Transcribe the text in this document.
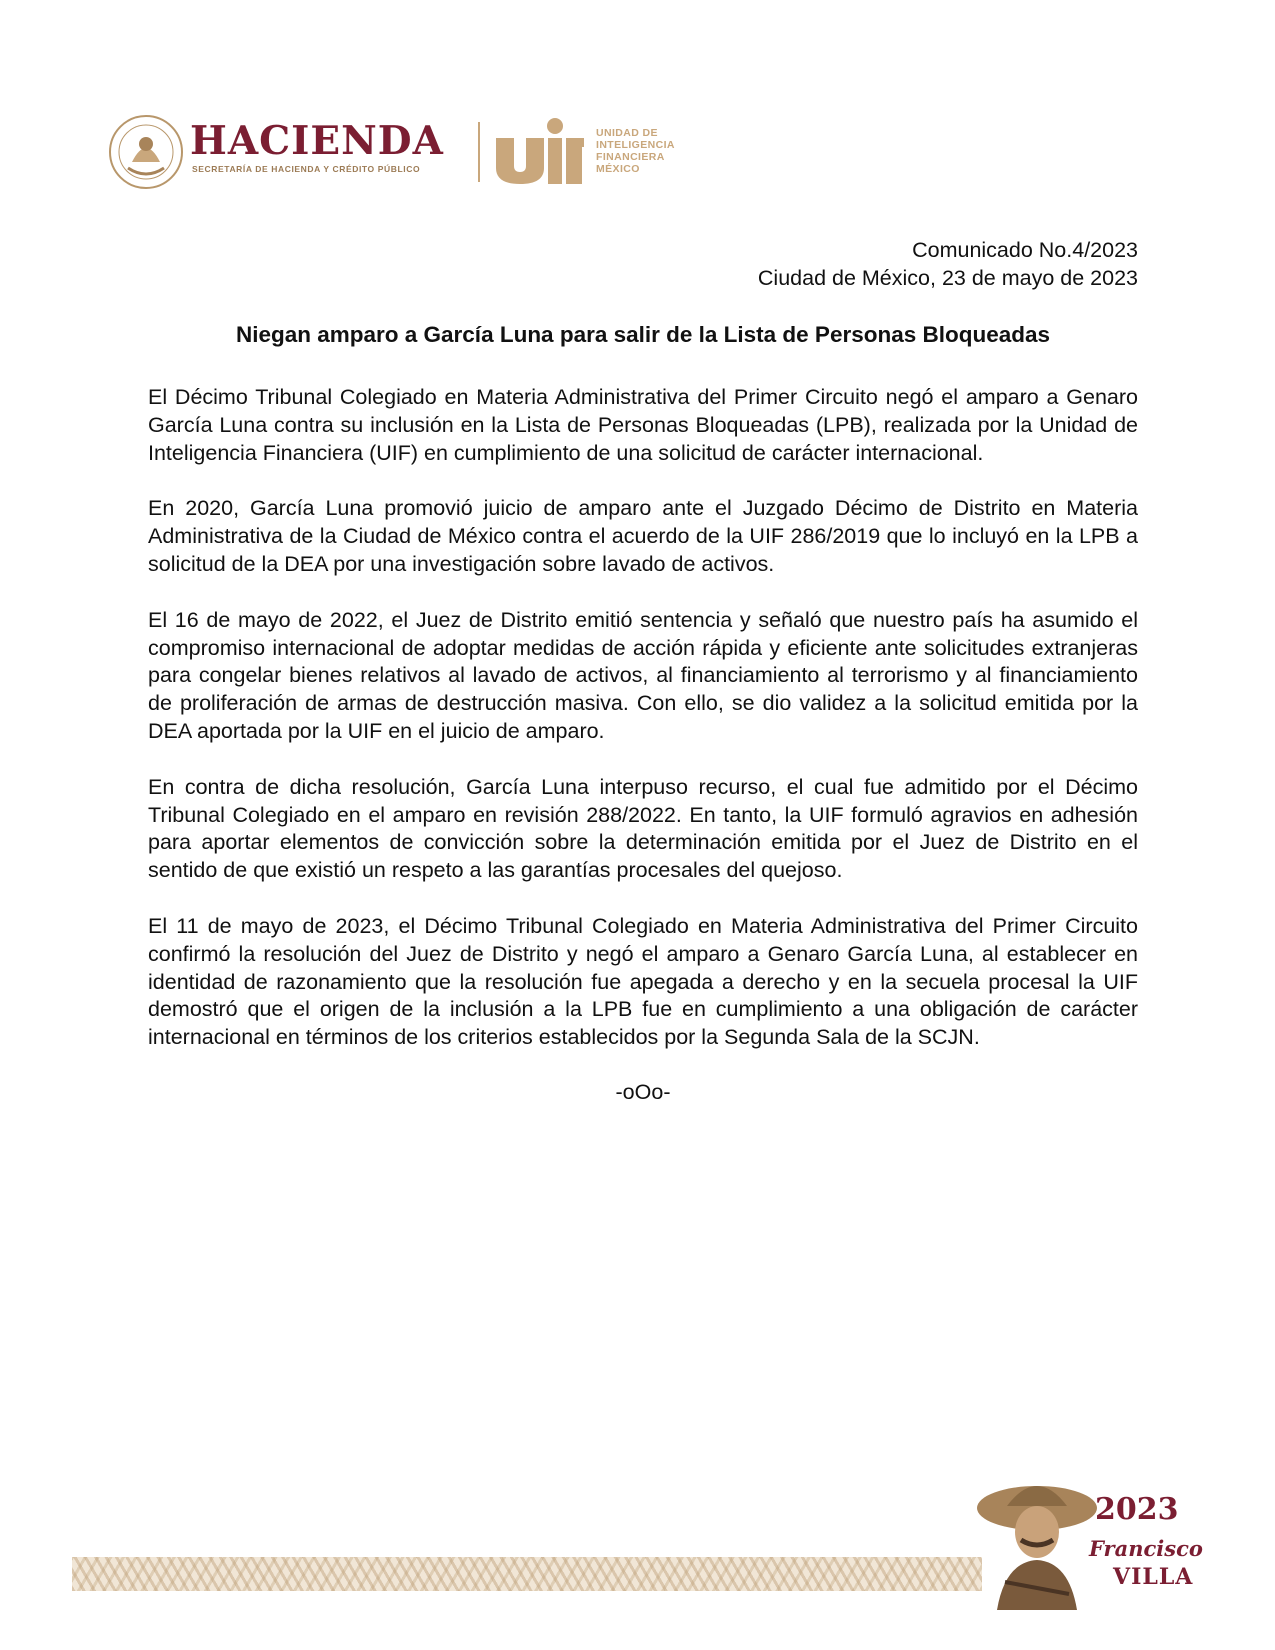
HACIENDA
SECRETARÍA DE HACIENDA Y CRÉDITO PÚBLICO
UNIDAD DE
INTELIGENCIA
FINANCIERA
MÉXICO
Comunicado No.4/2023
Ciudad de México, 23 de mayo de 2023
Niegan amparo a García Luna para salir de la Lista de Personas Bloqueadas

El Décimo Tribunal Colegiado en Materia Administrativa del Primer Circuito negó el amparo a Genaro García Luna contra su inclusión en la Lista de Personas Bloqueadas (LPB), realizada por la Unidad de Inteligencia Financiera (UIF) en cumplimiento de una solicitud de carácter internacional.

En 2020, García Luna promovió juicio de amparo ante el Juzgado Décimo de Distrito en Materia Administrativa de la Ciudad de México contra el acuerdo de la UIF 286/2019 que lo incluyó en la LPB a solicitud de la DEA por una investigación sobre lavado de activos.

El 16 de mayo de 2022, el Juez de Distrito emitió sentencia y señaló que nuestro país ha asumido el compromiso internacional de adoptar medidas de acción rápida y eficiente ante solicitudes extranjeras para congelar bienes relativos al lavado de activos, al financiamiento al terrorismo y al financiamiento de proliferación de armas de destrucción masiva. Con ello, se dio validez a la solicitud emitida por la DEA aportada por la UIF en el juicio de amparo.

En contra de dicha resolución, García Luna interpuso recurso, el cual fue admitido por el Décimo Tribunal Colegiado en el amparo en revisión 288/2022. En tanto, la UIF formuló agravios en adhesión para aportar elementos de convicción sobre la determinación emitida por el Juez de Distrito en el sentido de que existió un respeto a las garantías procesales del quejoso.

El 11 de mayo de 2023, el Décimo Tribunal Colegiado en Materia Administrativa del Primer Circuito confirmó la resolución del Juez de Distrito y negó el amparo a Genaro García Luna, al establecer en identidad de razonamiento que la resolución fue apegada a derecho y en la secuela procesal la UIF demostró que el origen de la inclusión a la LPB fue en cumplimiento a una obligación de carácter internacional en términos de los criterios establecidos por la Segunda Sala de la SCJN.

-oOo-
2023
Francisco
VILLA
